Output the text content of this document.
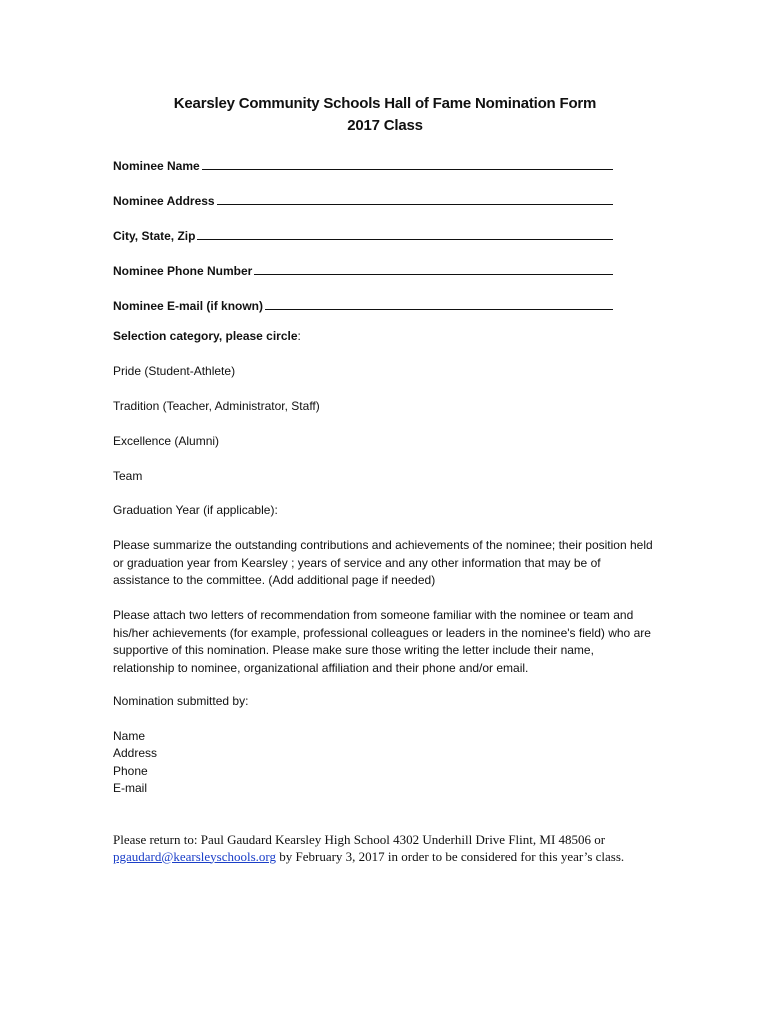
Kearsley Community Schools Hall of Fame Nomination Form
2017 Class
Nominee Name
Nominee Address
City, State, Zip
Nominee Phone Number
Nominee E-mail (if known)
Selection category, please circle:
Pride (Student-Athlete)
Tradition (Teacher, Administrator, Staff)
Excellence (Alumni)
Team
Graduation Year (if applicable):
Please summarize the outstanding contributions and achievements of the nominee; their position held or graduation year from Kearsley ; years of service and any other information that may be of assistance to the committee. (Add additional page if needed)
Please attach two letters of recommendation from someone familiar with the nominee or team and his/her achievements (for example, professional colleagues or leaders in the nominee's field) who are supportive of this nomination. Please make sure those writing the letter include their name, relationship to nominee, organizational affiliation and their phone and/or email.
Nomination submitted by:
Name
Address
Phone
E-mail
Please return to: Paul Gaudard Kearsley High School 4302 Underhill Drive Flint, MI 48506 or pgaudard@kearsleyschools.org by February 3, 2017 in order to be considered for this year’s class.
